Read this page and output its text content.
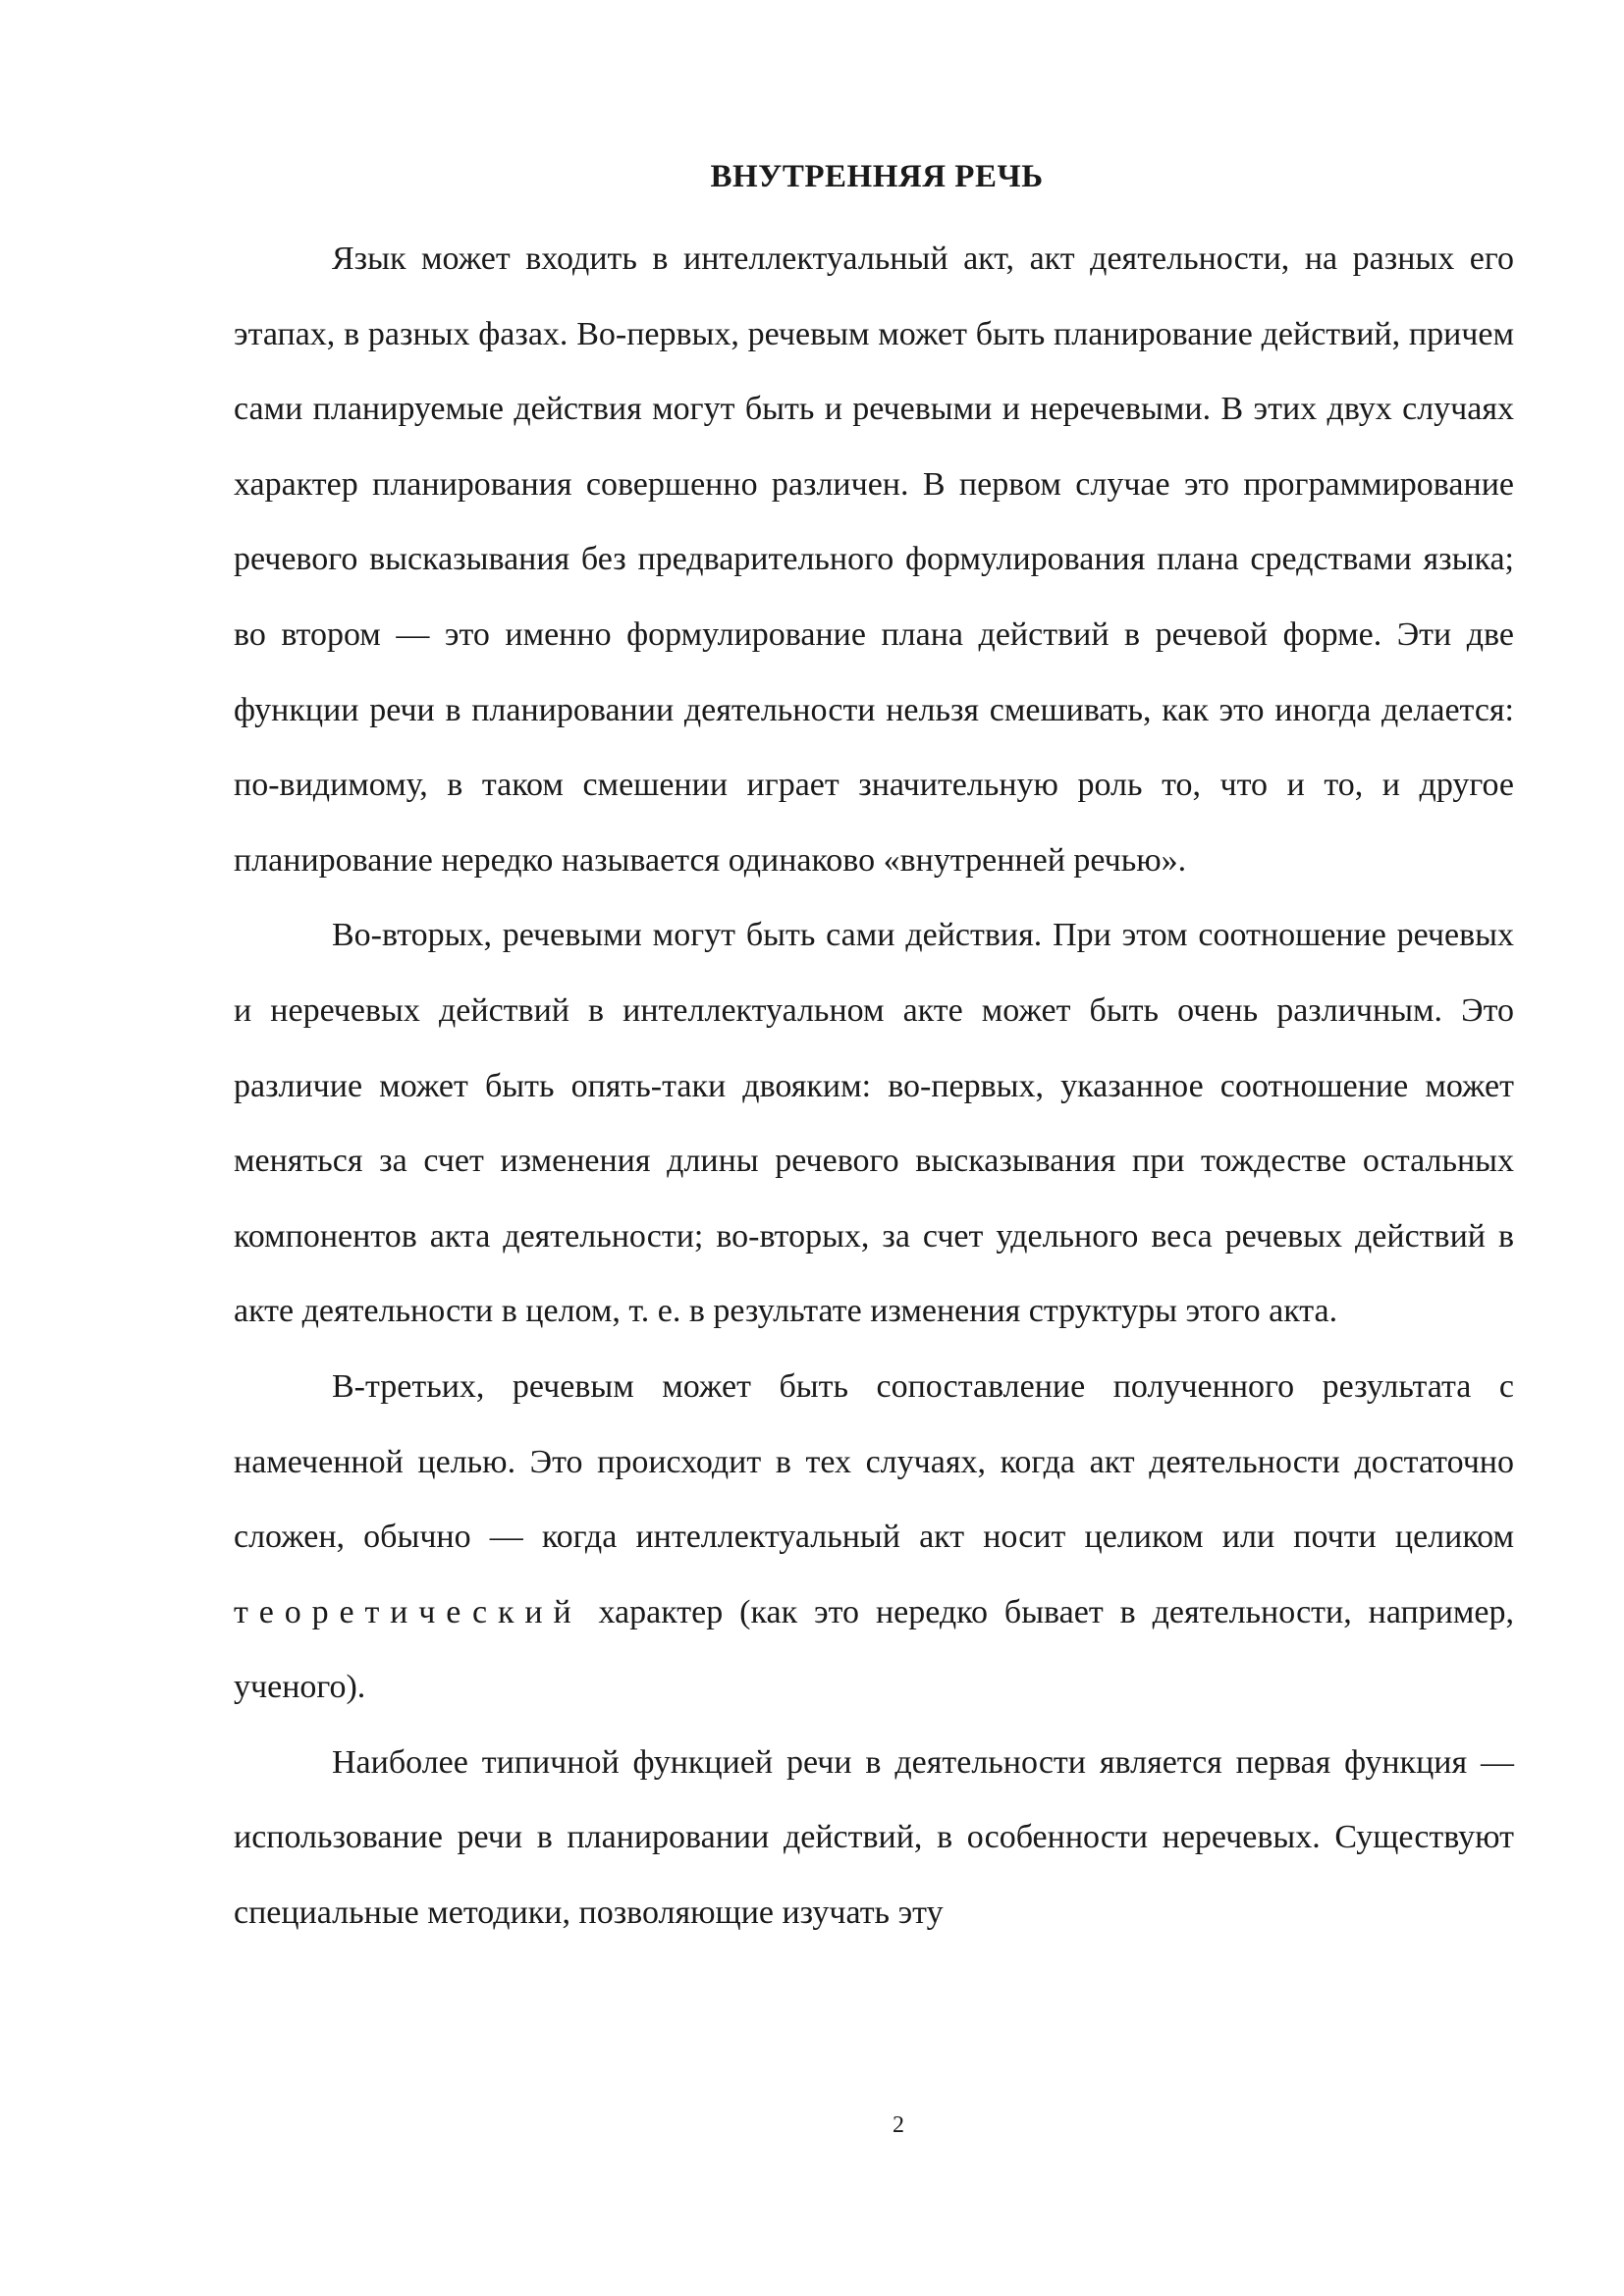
ВНУТРЕННЯЯ РЕЧЬ

Язык может входить в интеллектуальный акт, акт деятельности, на разных его этапах, в разных фазах. Во-первых, речевым может быть планирование действий, причем сами планируемые действия могут быть и речевыми и неречевыми. В этих двух случаях характер планирования совершенно различен. В первом случае это программирование речевого высказывания без предварительного формулирования плана средствами языка; во втором — это именно формулирование плана действий в речевой форме. Эти две функции речи в планировании деятельности нельзя смешивать, как это иногда делается: по-видимому, в таком смешении играет значительную роль то, что и то, и другое планирование нередко называется одинаково «внутренней речью».

Во-вторых, речевыми могут быть сами действия. При этом соотношение речевых и неречевых действий в интеллектуальном акте может быть очень различным. Это различие может быть опять-таки двояким: во-первых, указанное соотношение может меняться за счет изменения длины речевого высказывания при тождестве остальных компонентов акта деятельности; во-вторых, за счет удельного веса речевых действий в акте деятельности в целом, т. е. в результате изменения структуры этого акта.

В-третьих, речевым может быть сопоставление полученного результата с намеченной целью. Это происходит в тех случаях, когда акт деятельности достаточно сложен, обычно — когда интеллектуальный акт носит целиком или почти целиком теоретический характер (как это нередко бывает в деятельности, например, ученого).

Наиболее типичной функцией речи в деятельности является первая функция — использование речи в планировании действий, в особенности неречевых. Существуют специальные методики, позволяющие изучать эту

2
